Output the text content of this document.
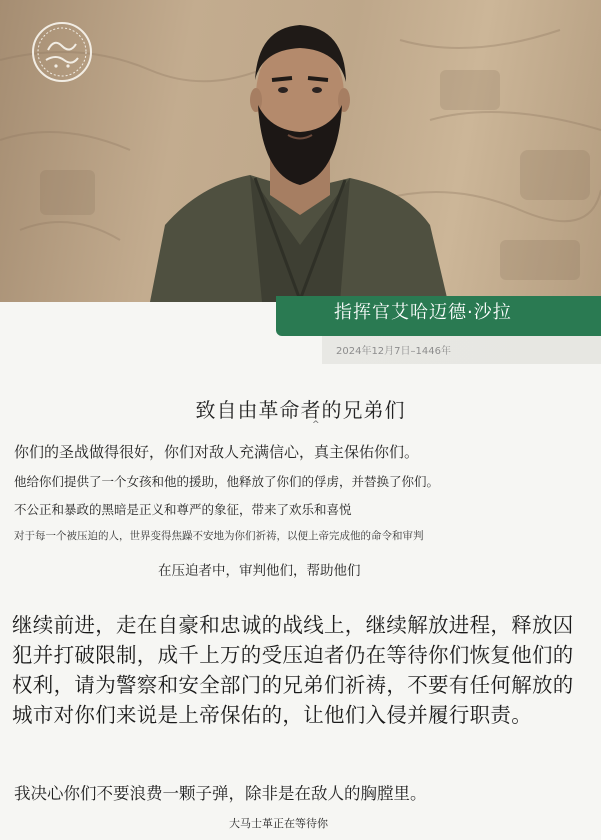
指挥官艾哈迈德·沙拉
2024年12月7日–1446年
致自由革命者的兄弟们
^
你们的圣战做得很好，你们对敌人充满信心，真主保佑你们。
他给你们提供了一个女孩和他的援助，他释放了你们的俘虏，并替换了你们。
不公正和暴政的黑暗是正义和尊严的象征，带来了欢乐和喜悦
对于每一个被压迫的人，世界变得焦躁不安地为你们祈祷，以便上帝完成他的命令和审判
在压迫者中，审判他们，帮助他们
继续前进，走在自豪和忠诚的战线上，继续解放进程，释放囚犯并打破限制，成千上万的受压迫者仍在等待你们恢复他们的权利，请为警察和安全部门的兄弟们祈祷，不要有任何解放的城市对你们来说是上帝保佑的，让他们入侵并履行职责。
我决心你们不要浪费一颗子弹，除非是在敌人的胸膛里。
大马士革正在等待你
